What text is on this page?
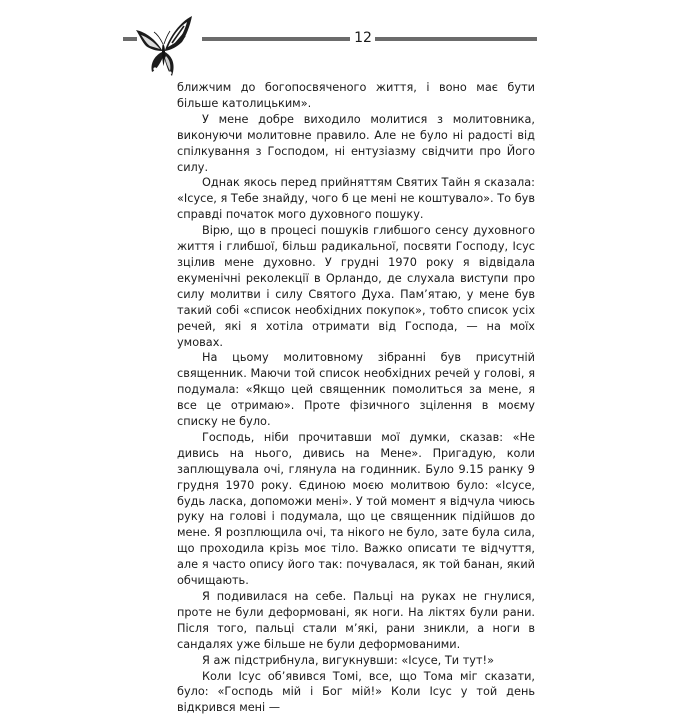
12

ближчим до богопосвяченого життя, і воно має бути більше католицьким».

У мене добре виходило молитися з молитовника, виконуючи молитовне правило. Але не було ні радості від спілкування з Господом, ні ентузіазму свідчити про Його силу.

Однак якось перед прийняттям Святих Тайн я сказала: «Ісусе, я Тебе знайду, чого б це мені не коштувало». То був справді початок мого духовного пошуку.

Вірю, що в процесі пошуків глибшого сенсу духовного життя і глибшої, більш радикальної, посвяти Господу, Ісус зцілив мене духовно. У грудні 1970 року я відвідала екуменічні реколекції в Орландо, де слухала виступи про силу молитви і силу Святого Духа. Пам’ятаю, у мене був такий собі «список необхідних покупок», тобто список усіх речей, які я хотіла отримати від Господа, — на моїх умовах.

На цьому молитовному зібранні був присутній священник. Маючи той список необхідних речей у голові, я подумала: «Якщо цей священник помолиться за мене, я все це отримаю». Проте фізичного зцілення в моєму списку не було.

Господь, ніби прочитавши мої думки, сказав: «Не дивись на нього, дивись на Мене». Пригадую, коли заплющувала очі, глянула на годинник. Було 9.15 ранку 9 грудня 1970 року. Єдиною моєю молитвою було: «Ісусе, будь ласка, допоможи мені». У той момент я відчула чиюсь руку на голові і подумала, що це священник підійшов до мене. Я розплющила очі, та нікого не було, зате була сила, що проходила крізь моє тіло. Важко описати те відчуття, але я часто опису його так: почувалася, як той банан, який обчищають.

Я подивилася на себе. Пальці на руках не гнулися, проте не були деформовані, як ноги. На ліктях були рани. Після того, пальці стали м’які, рани зникли, а ноги в сандалях уже більше не були деформованими.

Я аж підстрибнула, вигукнувши: «Ісусе, Ти тут!»

Коли Ісус об’явився Томі, все, що Тома міг сказати, було: «Господь мій і Бог мій!» Коли Ісус у той день відкрився мені —
